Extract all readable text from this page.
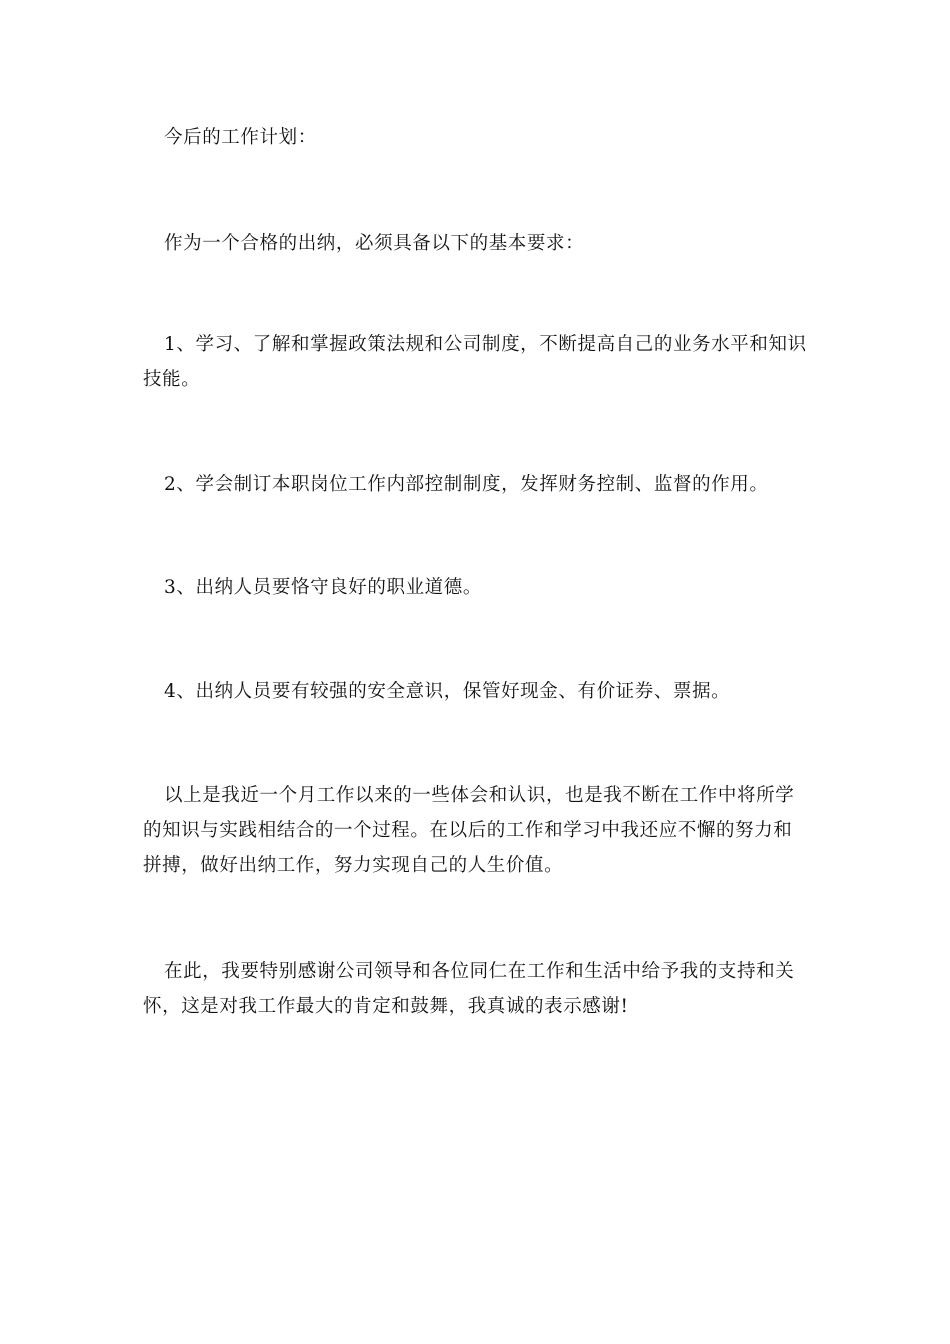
今后的工作计划：

作为一个合格的出纳，必须具备以下的基本要求：

1、学习、了解和掌握政策法规和公司制度，不断提高自己的业务水平和知识
技能。

2、学会制订本职岗位工作内部控制制度，发挥财务控制、监督的作用。

3、出纳人员要恪守良好的职业道德。

4、出纳人员要有较强的安全意识，保管好现金、有价证券、票据。

以上是我近一个月工作以来的一些体会和认识，也是我不断在工作中将所学
的知识与实践相结合的一个过程。在以后的工作和学习中我还应不懈的努力和
拼搏，做好出纳工作，努力实现自己的人生价值。

在此，我要特别感谢公司领导和各位同仁在工作和生活中给予我的支持和关
怀，这是对我工作最大的肯定和鼓舞，我真诚的表示感谢!
